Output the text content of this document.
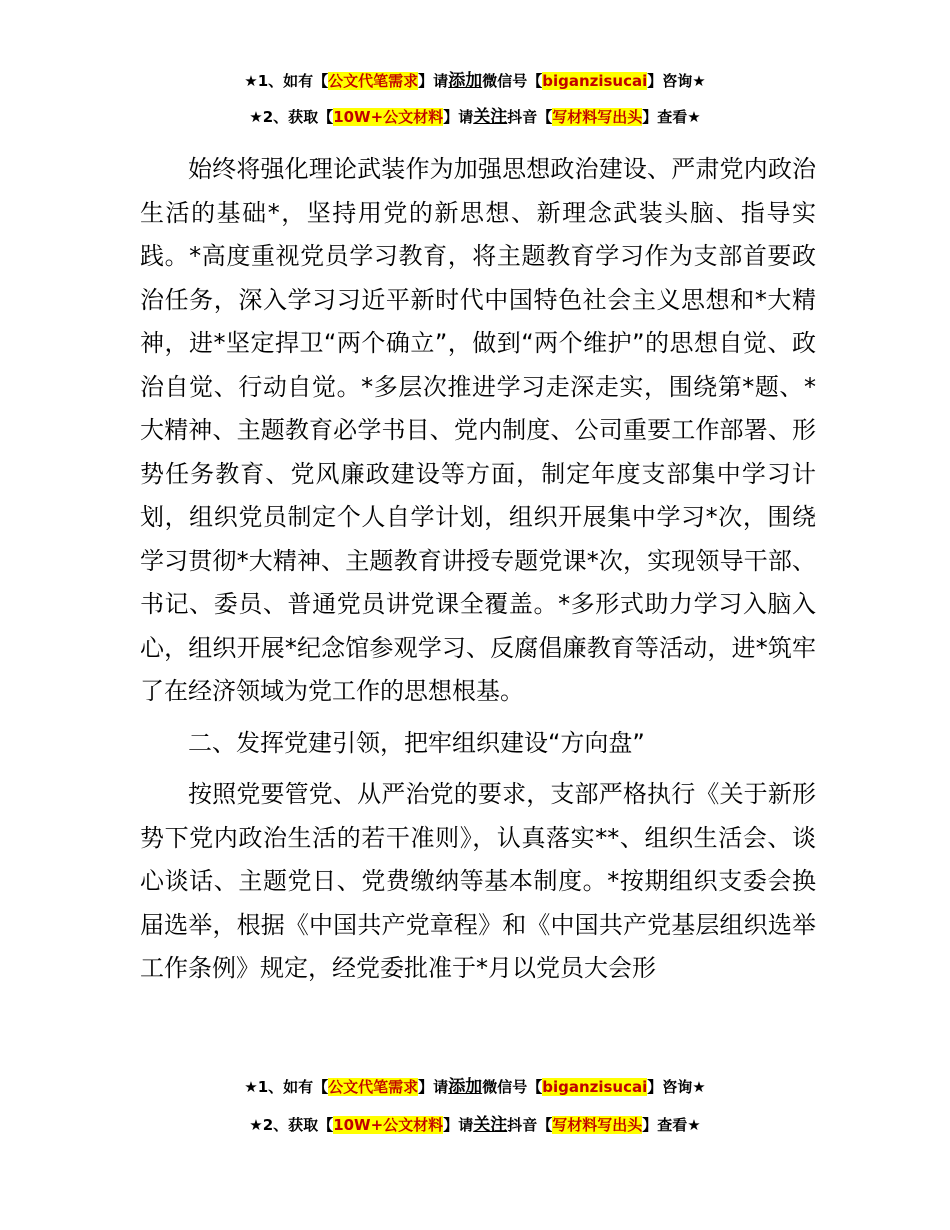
★1、如有【公文代笔需求】请添加微信号【biganzisucai】咨询★
★2、获取【10W+公文材料】请关注抖音【写材料写出头】查看★

始终将强化理论武装作为加强思想政治建设、严肃党内政治生活的基础*，坚持用党的新思想、新理念武装头脑、指导实践。*高度重视党员学习教育，将主题教育学习作为支部首要政治任务，深入学习习近平新时代中国特色社会主义思想和*大精神，进*坚定捍卫“两个确立”，做到“两个维护”的思想自觉、政治自觉、行动自觉。*多层次推进学习走深走实，围绕第*题、*大精神、主题教育必学书目、党内制度、公司重要工作部署、形势任务教育、党风廉政建设等方面，制定年度支部集中学习计划，组织党员制定个人自学计划，组织开展集中学习*次，围绕学习贯彻*大精神、主题教育讲授专题党课*次，实现领导干部、书记、委员、普通党员讲党课全覆盖。*多形式助力学习入脑入心，组织开展*纪念馆参观学习、反腐倡廉教育等活动，进*筑牢了在经济领域为党工作的思想根基。

二、发挥党建引领，把牢组织建设“方向盘”

按照党要管党、从严治党的要求，支部严格执行《关于新形势下党内政治生活的若干准则》，认真落实**、组织生活会、谈心谈话、主题党日、党费缴纳等基本制度。*按期组织支委会换届选举，根据《中国共产党章程》和《中国共产党基层组织选举工作条例》规定，经党委批准于*月以党员大会形

★1、如有【公文代笔需求】请添加微信号【biganzisucai】咨询★
★2、获取【10W+公文材料】请关注抖音【写材料写出头】查看★
